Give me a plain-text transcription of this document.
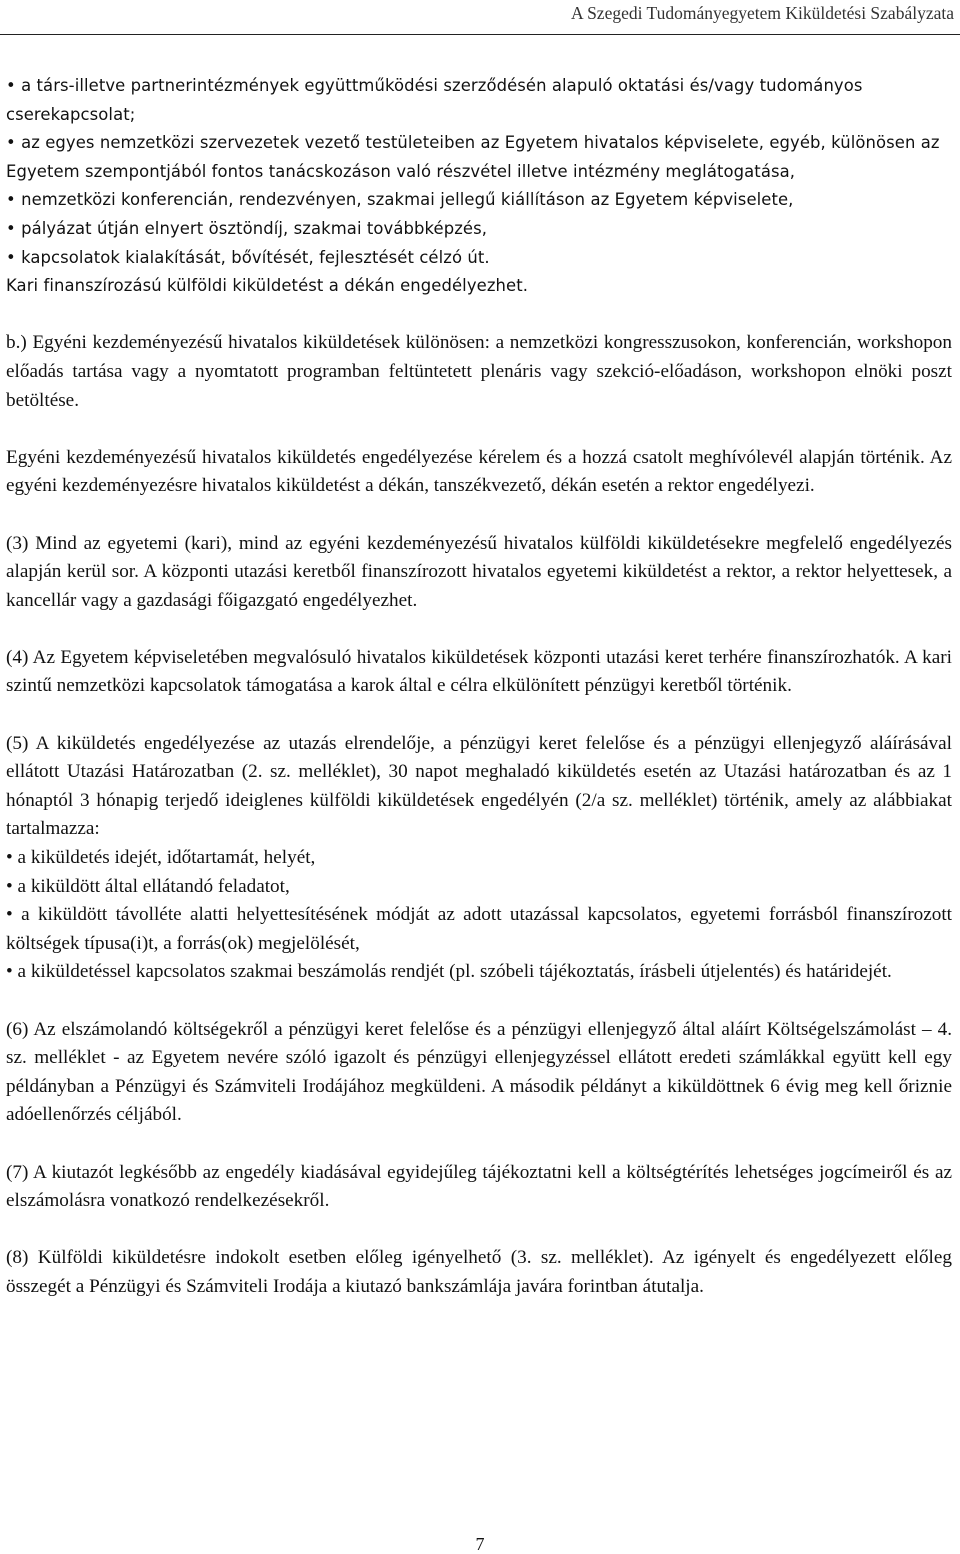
A Szegedi Tudományegyetem Kiküldetési Szabályzata
• a társ-illetve partnerintézmények együttműködési szerződésén alapuló oktatási és/vagy tudományos cserekapcsolat;
• az egyes nemzetközi szervezetek vezető testületeiben az Egyetem hivatalos képviselete, egyéb, különösen az Egyetem szempontjából fontos tanácskozáson való részvétel illetve intézmény meglátogatása,
• nemzetközi konferencián, rendezvényen, szakmai jellegű kiállításon az Egyetem képviselete,
• pályázat útján elnyert ösztöndíj, szakmai továbbképzés,
• kapcsolatok kialakítását, bővítését, fejlesztését célzó út.

Kari finanszírozású külföldi kiküldetést a dékán engedélyezhet.

b.) Egyéni kezdeményezésű hivatalos kiküldetések különösen: a nemzetközi kongresszusokon, konferencián, workshopon előadás tartása vagy a nyomtatott programban feltüntetett plenáris vagy szekció-előadáson, workshopon elnöki poszt betöltése.

Egyéni kezdeményezésű hivatalos kiküldetés engedélyezése kérelem és a hozzá csatolt meghívólevél alapján történik. Az egyéni kezdeményezésre hivatalos kiküldetést a dékán, tanszékvezető, dékán esetén a rektor engedélyezi.

(3) Mind az egyetemi (kari), mind az egyéni kezdeményezésű hivatalos külföldi kiküldetésekre megfelelő engedélyezés alapján kerül sor. A központi utazási keretből finanszírozott hivatalos egyetemi kiküldetést a rektor, a rektor helyettesek, a kancellár vagy a gazdasági főigazgató engedélyezhet.

(4) Az Egyetem képviseletében megvalósuló hivatalos kiküldetések központi utazási keret terhére finanszírozhatók. A kari szintű nemzetközi kapcsolatok támogatása a karok által e célra elkülönített pénzügyi keretből történik.

(5) A kiküldetés engedélyezése az utazás elrendelője, a pénzügyi keret felelőse és a pénzügyi ellenjegyző aláírásával ellátott Utazási Határozatban (2. sz. melléklet), 30 napot meghaladó kiküldetés esetén az Utazási határozatban és az 1 hónaptól 3 hónapig terjedő ideiglenes külföldi kiküldetések engedélyén (2/a sz. melléklet) történik, amely az alábbiakat tartalmazza:

• a kiküldetés idejét, időtartamát, helyét,
• a kiküldött által ellátandó feladatot,
• a kiküldött távolléte alatti helyettesítésének módját az adott utazással kapcsolatos, egyetemi forrásból finanszírozott költségek típusa(i)t, a forrás(ok) megjelölését,
• a kiküldetéssel kapcsolatos szakmai beszámolás rendjét (pl. szóbeli tájékoztatás, írásbeli útjelentés) és határidejét.

(6) Az elszámolandó költségekről a pénzügyi keret felelőse és a pénzügyi ellenjegyző által aláírt Költségelszámolást – 4. sz. melléklet - az Egyetem nevére szóló igazolt és pénzügyi ellenjegyzéssel ellátott eredeti számlákkal együtt kell egy példányban a Pénzügyi és Számviteli Irodájához megküldeni. A második példányt a kiküldöttnek 6 évig meg kell őriznie adóellenőrzés céljából.

(7) A kiutazót legkésőbb az engedély kiadásával egyidejűleg tájékoztatni kell a költségtérítés lehetséges jogcímeiről és az elszámolásra vonatkozó rendelkezésekről.

(8) Külföldi kiküldetésre indokolt esetben előleg igényelhető (3. sz. melléklet). Az igényelt és engedélyezett előleg összegét a Pénzügyi és Számviteli Irodája a kiutazó bankszámlája javára forintban átutalja.

7
